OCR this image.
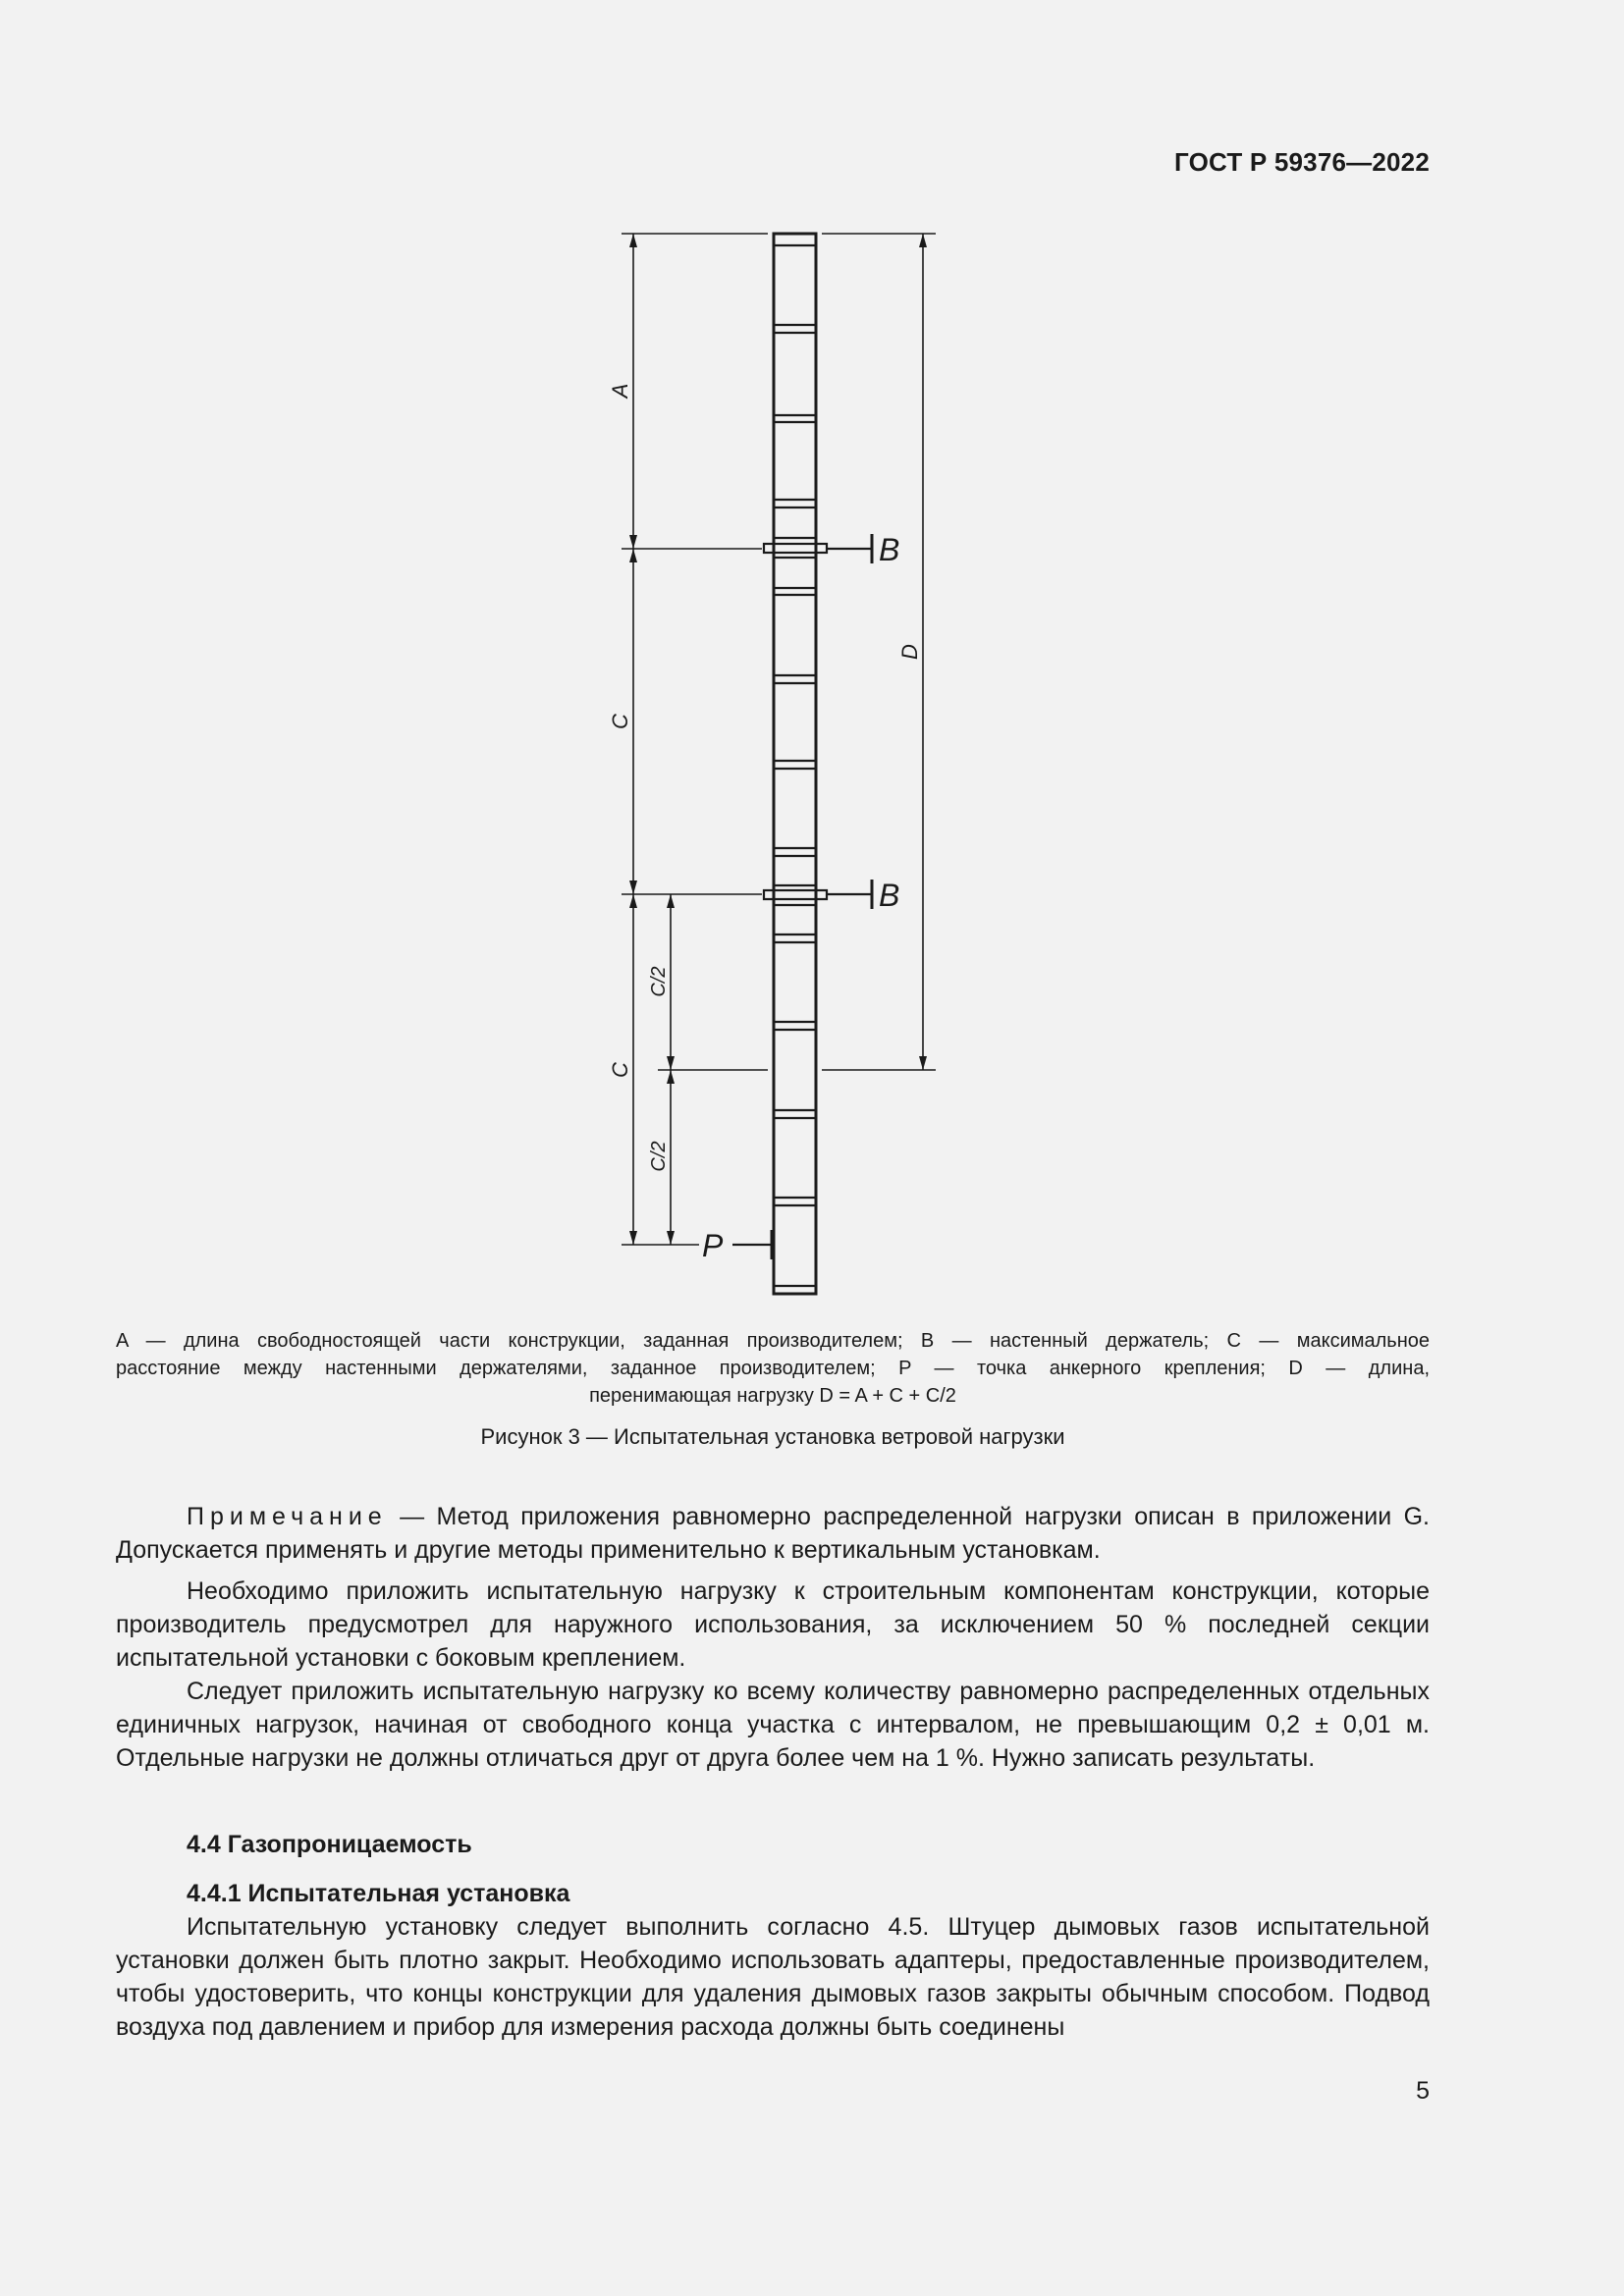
ГОСТ Р 59376—2022
A
C
C
C/2
C/2
D
B
B
P
A — длина свободностоящей части конструкции, заданная производителем; B — настенный держатель; C — максимальное
расстояние между настенными держателями, заданное производителем; P — точка анкерного крепления; D — длина,
перенимающая нагрузку D = A + C + C/2
Рисунок 3 — Испытательная установка ветровой нагрузки

Примечание — Метод приложения равномерно распределенной нагрузки описан в приложении G. Допускается применять и другие методы применительно к вертикальным установкам.

Необходимо приложить испытательную нагрузку к строительным компонентам конструкции, которые производитель предусмотрел для наружного использования, за исключением 50 % последней секции испытательной установки с боковым креплением.

Следует приложить испытательную нагрузку ко всему количеству равномерно распределенных отдельных единичных нагрузок, начиная от свободного конца участка с интервалом, не превышающим 0,2 ± 0,01 м. Отдельные нагрузки не должны отличаться друг от друга более чем на 1 %. Нужно записать результаты.

4.4 Газопроницаемость

4.4.1 Испытательная установка

Испытательную установку следует выполнить согласно 4.5. Штуцер дымовых газов испытательной установки должен быть плотно закрыт. Необходимо использовать адаптеры, предоставленные производителем, чтобы удостоверить, что концы конструкции для удаления дымовых газов закрыты обычным способом. Подвод воздуха под давлением и прибор для измерения расхода должны быть соединены

5
